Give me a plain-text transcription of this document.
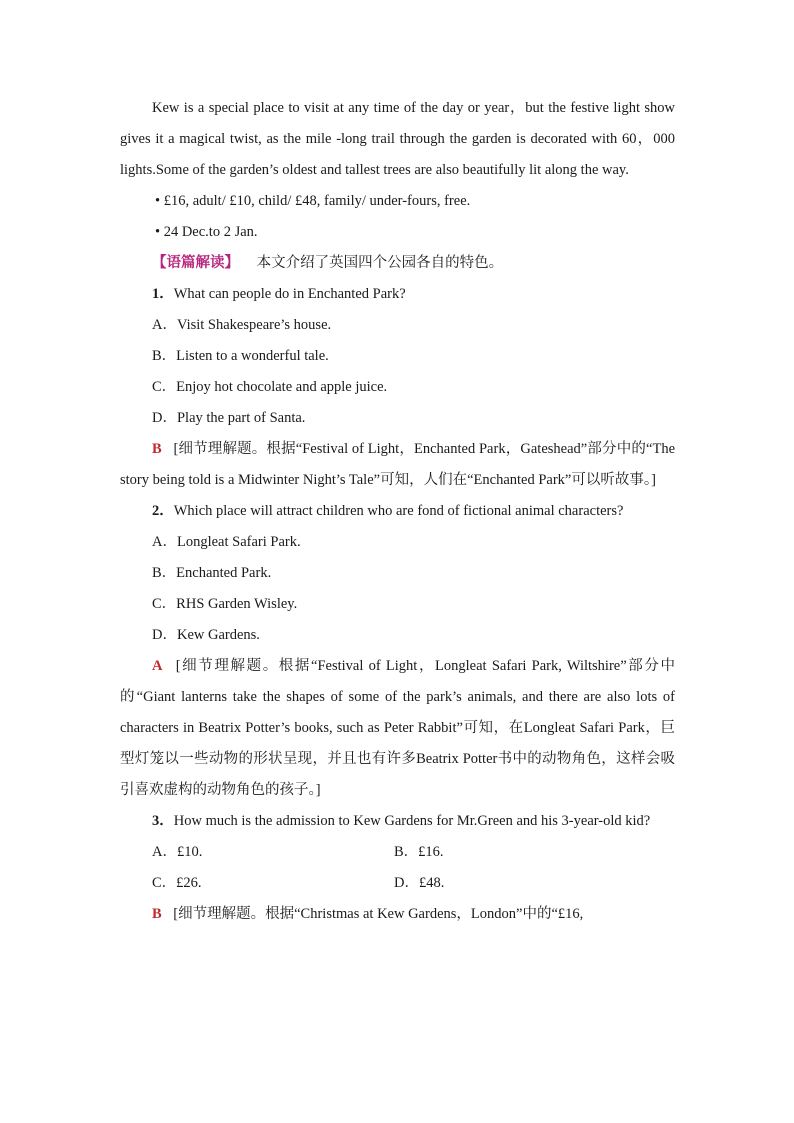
Kew is a special place to visit at any time of the day or year，but the festive light show gives it a magical twist, as the mile -long trail through the garden is decorated with 60，000 lights.Some of the garden’s oldest and tallest trees are also beautifully lit along the way.

• £16, adult/ £10, child/ £48, family/ under-fours, free.

• 24 Dec.to 2 Jan.

【语篇解读】 本文介绍了英国四个公园各自的特色。

1．What can people do in Enchanted Park?

A．Visit Shakespeare’s house.

B．Listen to a wonderful tale.

C．Enjoy hot chocolate and apple juice.

D．Play the part of Santa.

B [细节理解题。根据“Festival of Light，Enchanted Park，Gateshead”部分中的“The story being told is a Midwinter Night’s Tale”可知，人们在“Enchanted Park”可以听故事。]

2．Which place will attract children who are fond of fictional animal characters?

A．Longleat Safari Park.

B．Enchanted Park.

C．RHS Garden Wisley.

D．Kew Gardens.

A [细节理解题。根据“Festival of Light，Longleat Safari Park, Wiltshire”部分中的“Giant lanterns take the shapes of some of the park’s animals, and there are also lots of characters in Beatrix Potter’s books, such as Peter Rabbit”可知，在Longleat Safari Park，巨型灯笼以一些动物的形状呈现，并且也有许多Beatrix Potter书中的动物角色，这样会吸引喜欢虚构的动物角色的孩子。]

3．How much is the admission to Kew Gardens for Mr.Green and his 3-year-old kid?

A．£10.	B．£16.
C．£26.	D．£48.

B [细节理解题。根据“Christmas at Kew Gardens，London”中的“£16,
